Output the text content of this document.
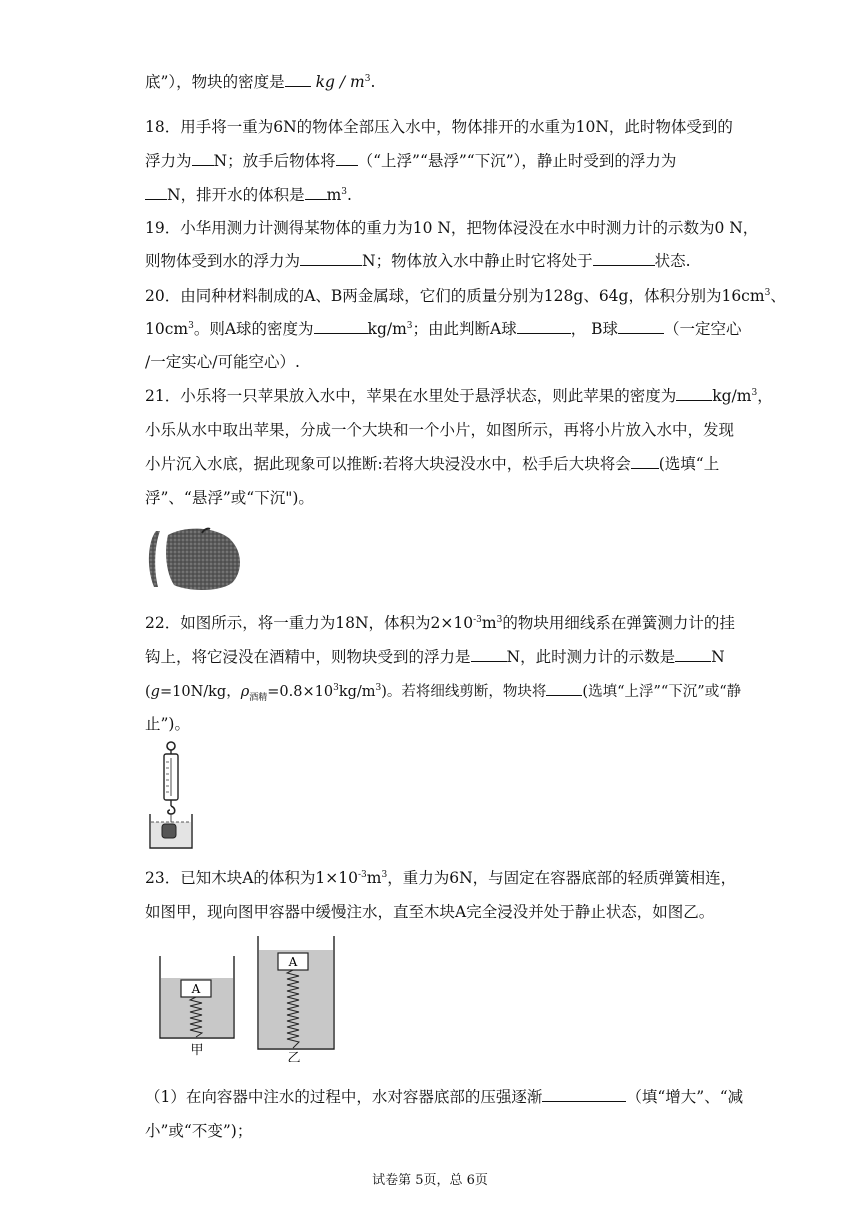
底”），物块的密度是 kg / $m^3$.
18．用手将一重为6N的物体全部压入水中，物体排开的水重为10N，此时物体受到的
浮力为 N；放手后物体将 （“上浮”“悬浮”“下沉”），静止时受到的浮力为
N，排开水的体积是 $m^3$.
19．小华用测力计测得某物体的重力为10 N，把物体浸没在水中时测力计的示数为0 N，
则物体受到水的浮力为	N；物体放入水中静止时它将处于	状态.
20．由同种材料制成的A、B两金属球，它们的质量分别为128g、64g，体积分别为$16cm^3$、
$10cm^3$。则A球的密度为	$kg/m^3$；由此判断A球	， B球	（一定空心
/一定实心/可能空心）.
21．小乐将一只苹果放入水中，苹果在水里处于悬浮状态，则此苹果的密度为 $kg/m^3$，
小乐从水中取出苹果，分成一个大块和一个小片，如图所示，再将小片放入水中，发现
小片沉入水底，据此现象可以推断:若将大块浸没水中，松手后大块将会 (选填“上
浮”、“悬浮”或“下沉")。
22．如图所示，将一重力为18N，体积为$2\times 10^{-3}m^3$的物块用细线系在弹簧测力计的挂
钩上，将它浸没在酒精中，则物块受到的浮力是 N，此时测力计的示数是 N
(g=10N/kg，$\rho_{酒精}=0.8\times 10^3kg/m^3$)。若将细线剪断，物块将 (选填“上浮”“下沉”或“静
止”)。
23．已知木块A的体积为$1\times 10^{-3}m^3$，重力为6N，与固定在容器底部的轻质弹簧相连，
如图甲，现向图甲容器中缓慢注水，直至木块A完全浸没并处于静止状态，如图乙。
A
甲
A
乙
（1）在向容器中注水的过程中，水对容器底部的压强逐渐	（填“增大”、“减
小”或“不变”)；
试卷第 5页，总 6页
